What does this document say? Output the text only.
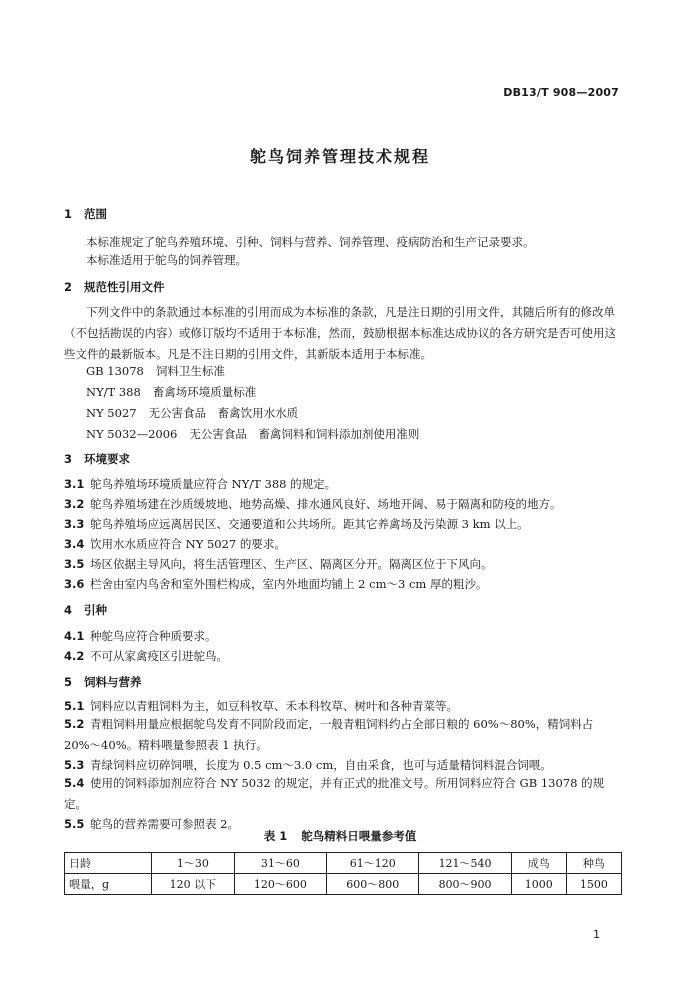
DB13/T 908—2007
鸵鸟饲养管理技术规程
1 范围
本标准规定了鸵鸟养殖环境、引种、饲料与营养、饲养管理、疫病防治和生产记录要求。
本标准适用于鸵鸟的饲养管理。
2 规范性引用文件
下列文件中的条款通过本标准的引用而成为本标准的条款，凡是注日期的引用文件，其随后所有的修改单（不包括勘误的内容）或修订版均不适用于本标准，然而，鼓励根据本标准达成协议的各方研究是否可使用这些文件的最新版本。凡是不注日期的引用文件，其新版本适用于本标准。
GB 13078 饲料卫生标准
NY/T 388 畜禽场环境质量标准
NY 5027 无公害食品　畜禽饮用水水质
NY 5032—2006 无公害食品　畜禽饲料和饲料添加剂使用准则
3 环境要求
3.1 鸵鸟养殖场环境质量应符合 NY/T 388 的规定。
3.2 鸵鸟养殖场建在沙质缓坡地、地势高燥、排水通风良好、场地开阔、易于隔离和防疫的地方。
3.3 鸵鸟养殖场应远离居民区、交通要道和公共场所。距其它养禽场及污染源 3 km 以上。
3.4 饮用水水质应符合 NY 5027 的要求。
3.5 场区依据主导风向，将生活管理区、生产区、隔离区分开。隔离区位于下风向。
3.6 栏舍由室内鸟舍和室外围栏构成，室内外地面均铺上 2 cm～3 cm 厚的粗沙。
4 引种
4.1 种鸵鸟应符合种质要求。
4.2 不可从家禽疫区引进鸵鸟。
5 饲料与营养
5.1 饲料应以青粗饲料为主，如豆科牧草、禾本科牧草、树叶和各种青菜等。
5.2 青粗饲料用量应根据鸵鸟发育不同阶段而定，一般青粗饲料约占全部日粮的 60%～80%，精饲料占 20%～40%。精料喂量参照表 1 执行。
5.3 青绿饲料应切碎饲喂，长度为 0.5 cm～3.0 cm，自由采食，也可与适量精饲料混合饲喂。
5.4 使用的饲料添加剂应符合 NY 5032 的规定，并有正式的批准文号。所用饲料应符合 GB 13078 的规定。
5.5 鸵鸟的营养需要可参照表 2。
表 1 鸵鸟精料日喂量参考值
日龄	1～30	31～60	61～120	121～540	成鸟	种鸟
喂量，g	120 以下	120～600	600～800	800～900	1000	1500
1
